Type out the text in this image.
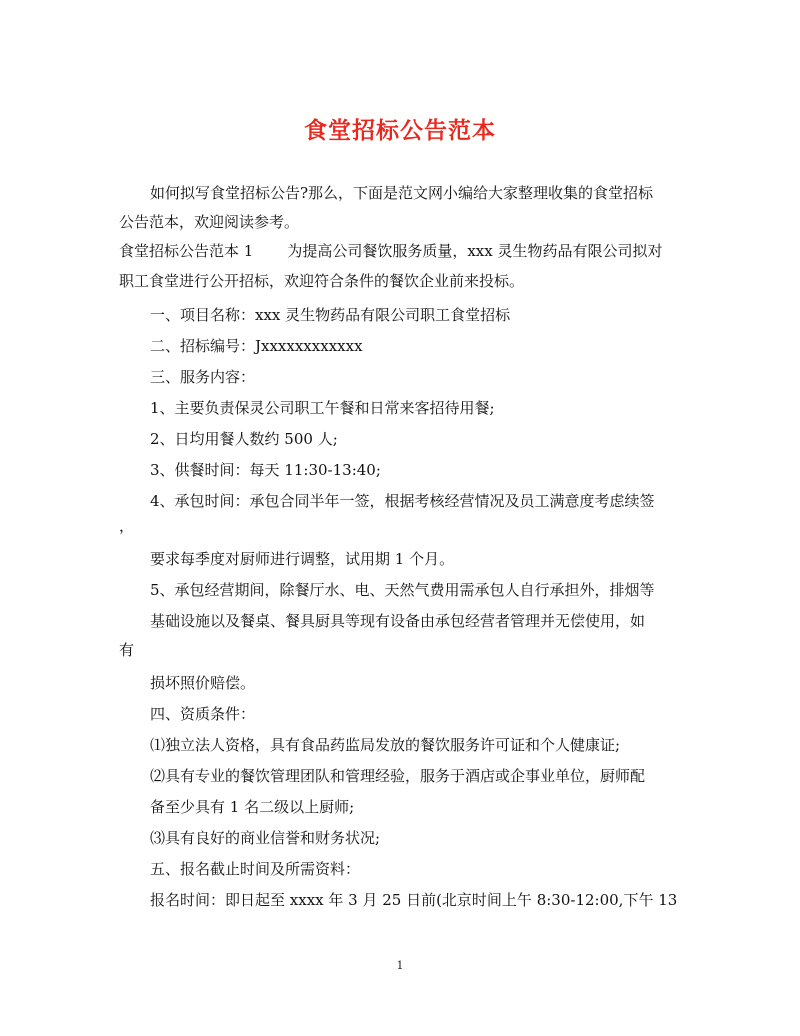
食堂招标公告范本
如何拟写食堂招标公告?那么，下面是范文网小编给大家整理收集的食堂招标
公告范本，欢迎阅读参考。
食堂招标公告范本 1 为提高公司餐饮服务质量，xxx 灵生物药品有限公司拟对
职工食堂进行公开招标，欢迎符合条件的餐饮企业前来投标。
一、项目名称：xxx 灵生物药品有限公司职工食堂招标
二、招标编号：Jxxxxxxxxxxxx
三、服务内容：
1、主要负责保灵公司职工午餐和日常来客招待用餐;
2、日均用餐人数约 500 人;
3、供餐时间：每天 11:30-13:40;
4、承包时间：承包合同半年一签，根据考核经营情况及员工满意度考虑续签
，
要求每季度对厨师进行调整，试用期 1 个月。
5、承包经营期间，除餐厅水、电、天然气费用需承包人自行承担外，排烟等
基础设施以及餐桌、餐具厨具等现有设备由承包经营者管理并无偿使用，如
有
损坏照价赔偿。
四、资质条件：
⑴独立法人资格，具有食品药监局发放的餐饮服务许可证和个人健康证;
⑵具有专业的餐饮管理团队和管理经验，服务于酒店或企事业单位，厨师配
备至少具有 1 名二级以上厨师;
⑶具有良好的商业信誉和财务状况;
五、报名截止时间及所需资料：
报名时间：即日起至 xxxx 年 3 月 25 日前(北京时间上午 8:30-12:00,下午 13
1
